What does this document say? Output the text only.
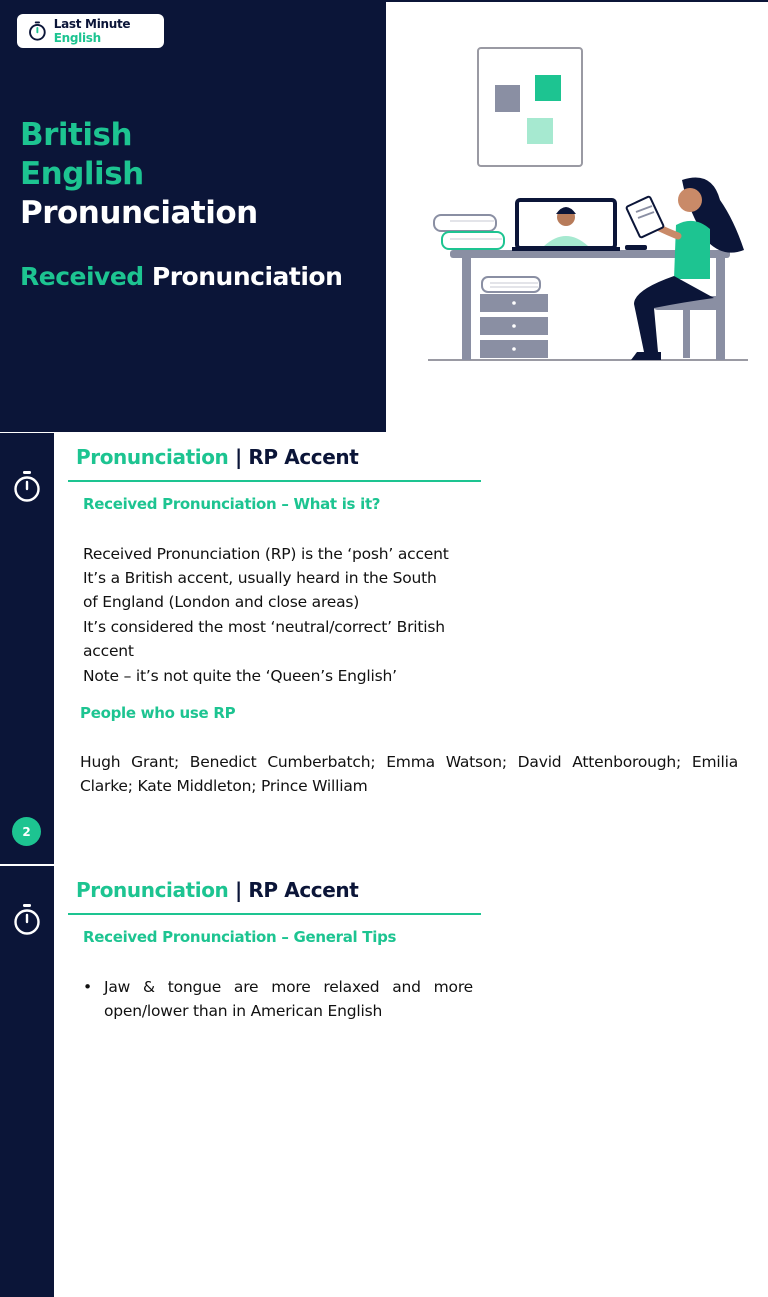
Last Minute English
British
English
Pronunciation
Received Pronunciation
2
Pronunciation | RP Accent
Received Pronunciation – What is it?
Received Pronunciation (RP) is the ‘posh’ accent
It’s a British accent, usually heard in the South
of England (London and close areas)
It’s considered the most ‘neutral/correct’ British
accent
Note – it’s not quite the ‘Queen’s English’
People who use RP
Hugh Grant; Benedict Cumberbatch; Emma Watson; David Attenborough; Emilia Clarke; Kate Middleton; Prince William
Pronunciation | RP Accent
Received Pronunciation – General Tips
• Jaw & tongue are more relaxed and more open/lower than in American English
